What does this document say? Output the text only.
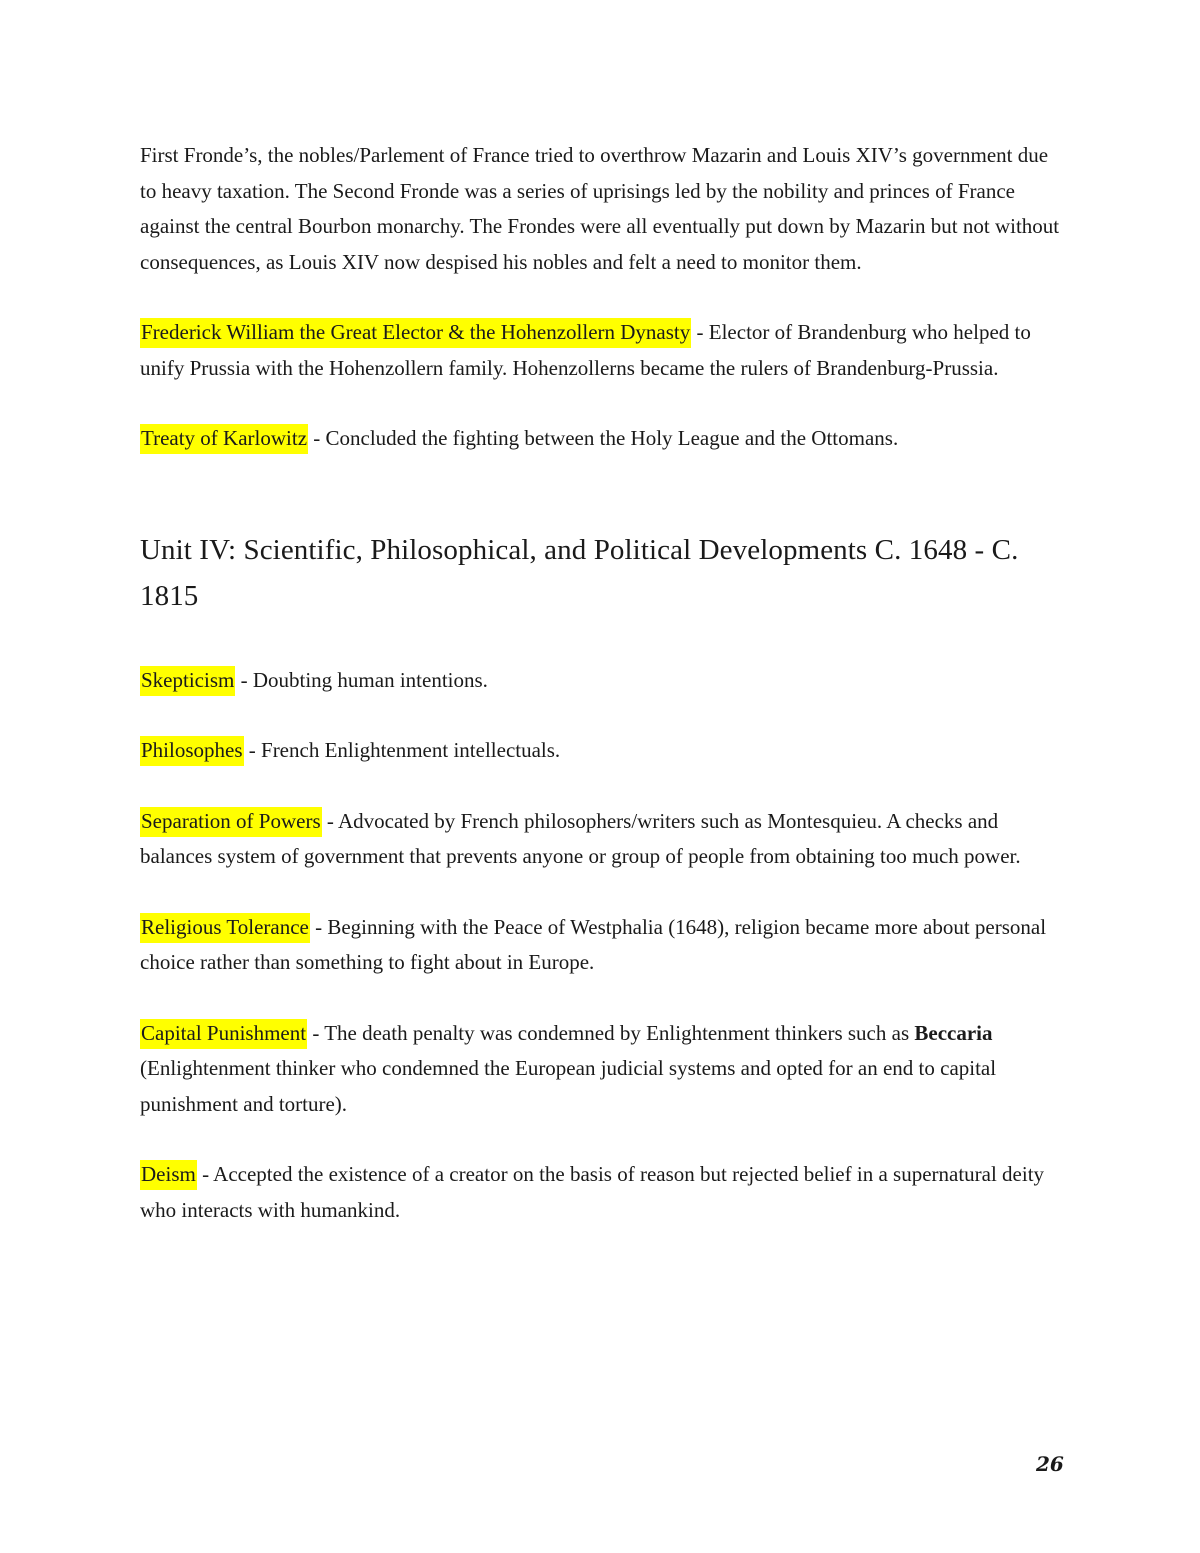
First Fronde’s, the nobles/Parlement of France tried to overthrow Mazarin and Louis XIV’s government due to heavy taxation. The Second Fronde was a series of uprisings led by the nobility and princes of France against the central Bourbon monarchy. The Frondes were all eventually put down by Mazarin but not without consequences, as Louis XIV now despised his nobles and felt a need to monitor them.

Frederick William the Great Elector & the Hohenzollern Dynasty - Elector of Brandenburg who helped to unify Prussia with the Hohenzollern family. Hohenzollerns became the rulers of Brandenburg-Prussia.

Treaty of Karlowitz - Concluded the fighting between the Holy League and the Ottomans.

Unit IV: Scientific, Philosophical, and Political Developments C. 1648 - C. 1815

Skepticism - Doubting human intentions.

Philosophes - French Enlightenment intellectuals.

Separation of Powers - Advocated by French philosophers/writers such as Montesquieu. A checks and balances system of government that prevents anyone or group of people from obtaining too much power.

Religious Tolerance - Beginning with the Peace of Westphalia (1648), religion became more about personal choice rather than something to fight about in Europe.

Capital Punishment - The death penalty was condemned by Enlightenment thinkers such as Beccaria (Enlightenment thinker who condemned the European judicial systems and opted for an end to capital punishment and torture).

Deism - Accepted the existence of a creator on the basis of reason but rejected belief in a supernatural deity who interacts with humankind.

26
